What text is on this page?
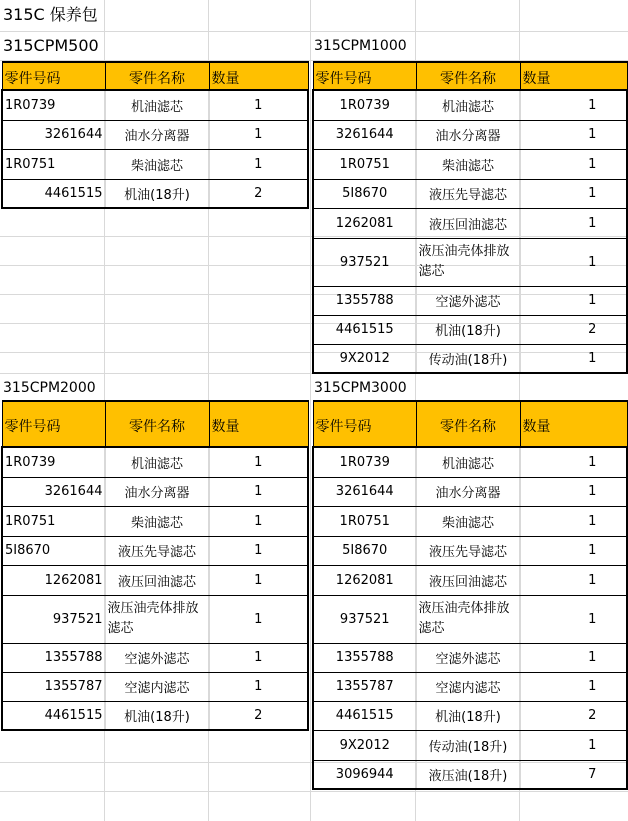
315C 保养包
315CPM500	315CPM1000
315CPM2000	315CPM3000
零件号码	零件名称	数量
1R0739	机油滤芯	1
3261644	油水分离器	1
1R0751	柴油滤芯	1
4461515	机油(18升)	2
零件号码	零件名称	数量
1R0739	机油滤芯	1
3261644	油水分离器	1
1R0751	柴油滤芯	1
5I8670	液压先导滤芯	1
1262081	液压回油滤芯	1
937521	液压油壳体排放滤芯	1
1355788	空滤外滤芯	1
4461515	机油(18升)	2
9X2012	传动油(18升)	1
零件号码	零件名称	数量
1R0739	机油滤芯	1
3261644	油水分离器	1
1R0751	柴油滤芯	1
5I8670	液压先导滤芯	1
1262081	液压回油滤芯	1
937521	液压油壳体排放滤芯	1
1355788	空滤外滤芯	1
1355787	空滤内滤芯	1
4461515	机油(18升)	2
零件号码	零件名称	数量
1R0739	机油滤芯	1
3261644	油水分离器	1
1R0751	柴油滤芯	1
5I8670	液压先导滤芯	1
1262081	液压回油滤芯	1
937521	液压油壳体排放滤芯	1
1355788	空滤外滤芯	1
1355787	空滤内滤芯	1
4461515	机油(18升)	2
9X2012	传动油(18升)	1
3096944	液压油(18升)	7
